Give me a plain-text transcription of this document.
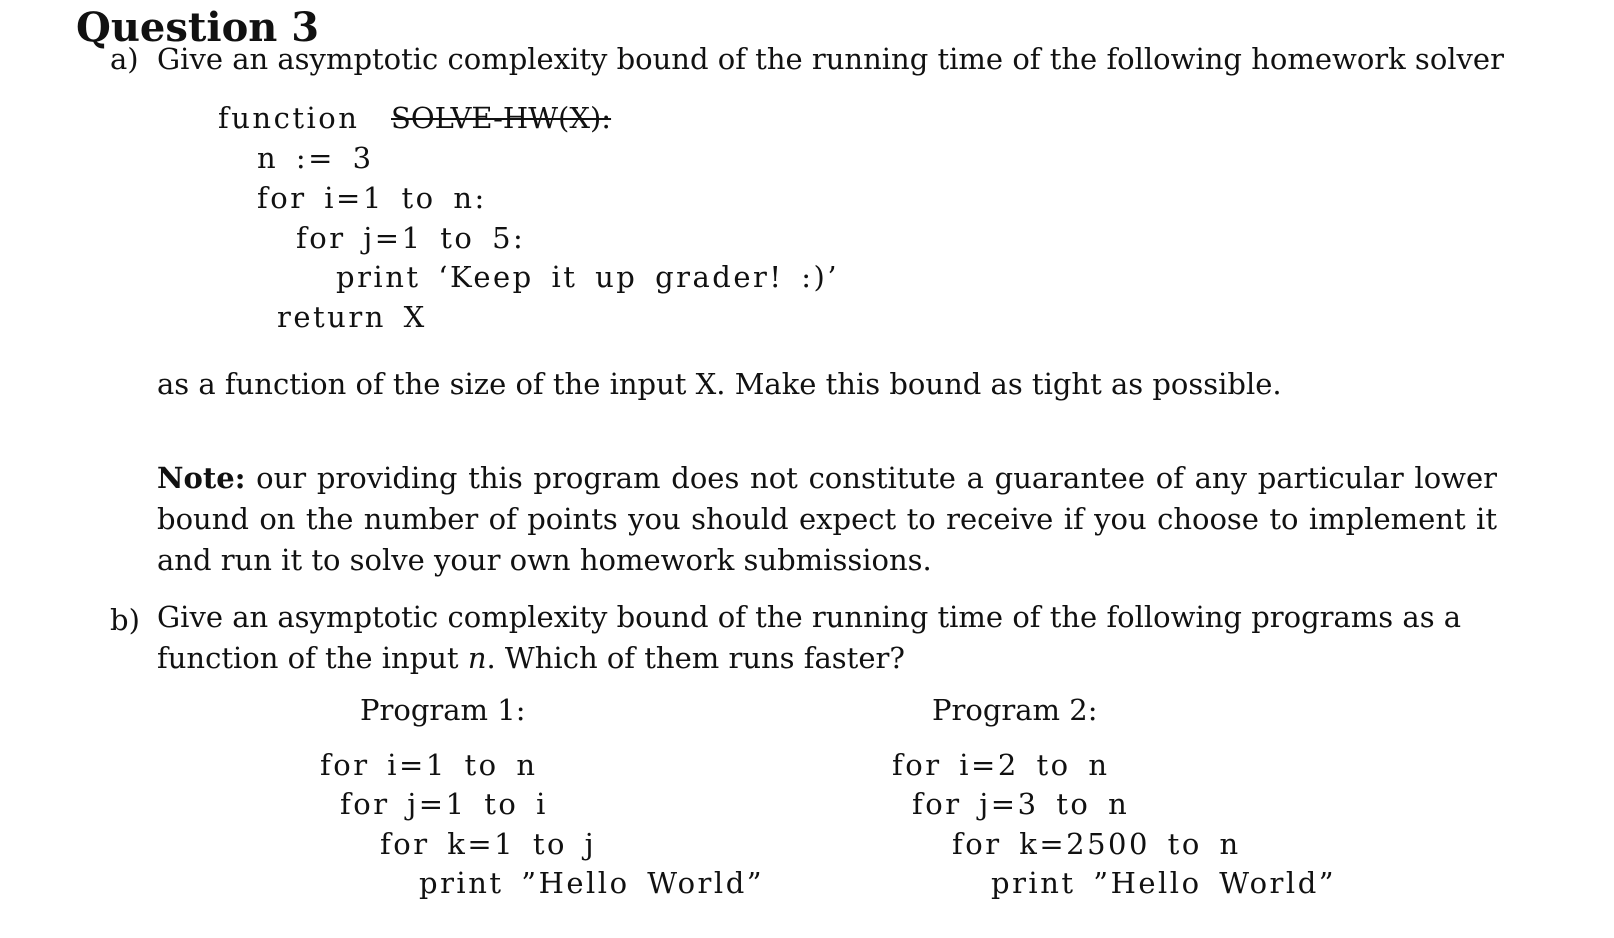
Question 3
a) Give an asymptotic complexity bound of the running time of the following homework solver
function SOLVE-HW(X):
n := 3
for i=1 to n:
for j=1 to 5:
print ‘Keep it up grader! :)’
return X
as a function of the size of the input X. Make this bound as tight as possible.
Note: our providing this program does not constitute a guarantee of any particular lower bound on the number of points you should expect to receive if you choose to implement it and run it to solve your own homework submissions.
b) Give an asymptotic complexity bound of the running time of the following programs as a
function of the input n. Which of them runs faster?
Program 1:
for i=1 to n
for j=1 to i
for k=1 to j
print ”Hello World”
Program 2:
for i=2 to n
for j=3 to n
for k=2500 to n
print ”Hello World”
